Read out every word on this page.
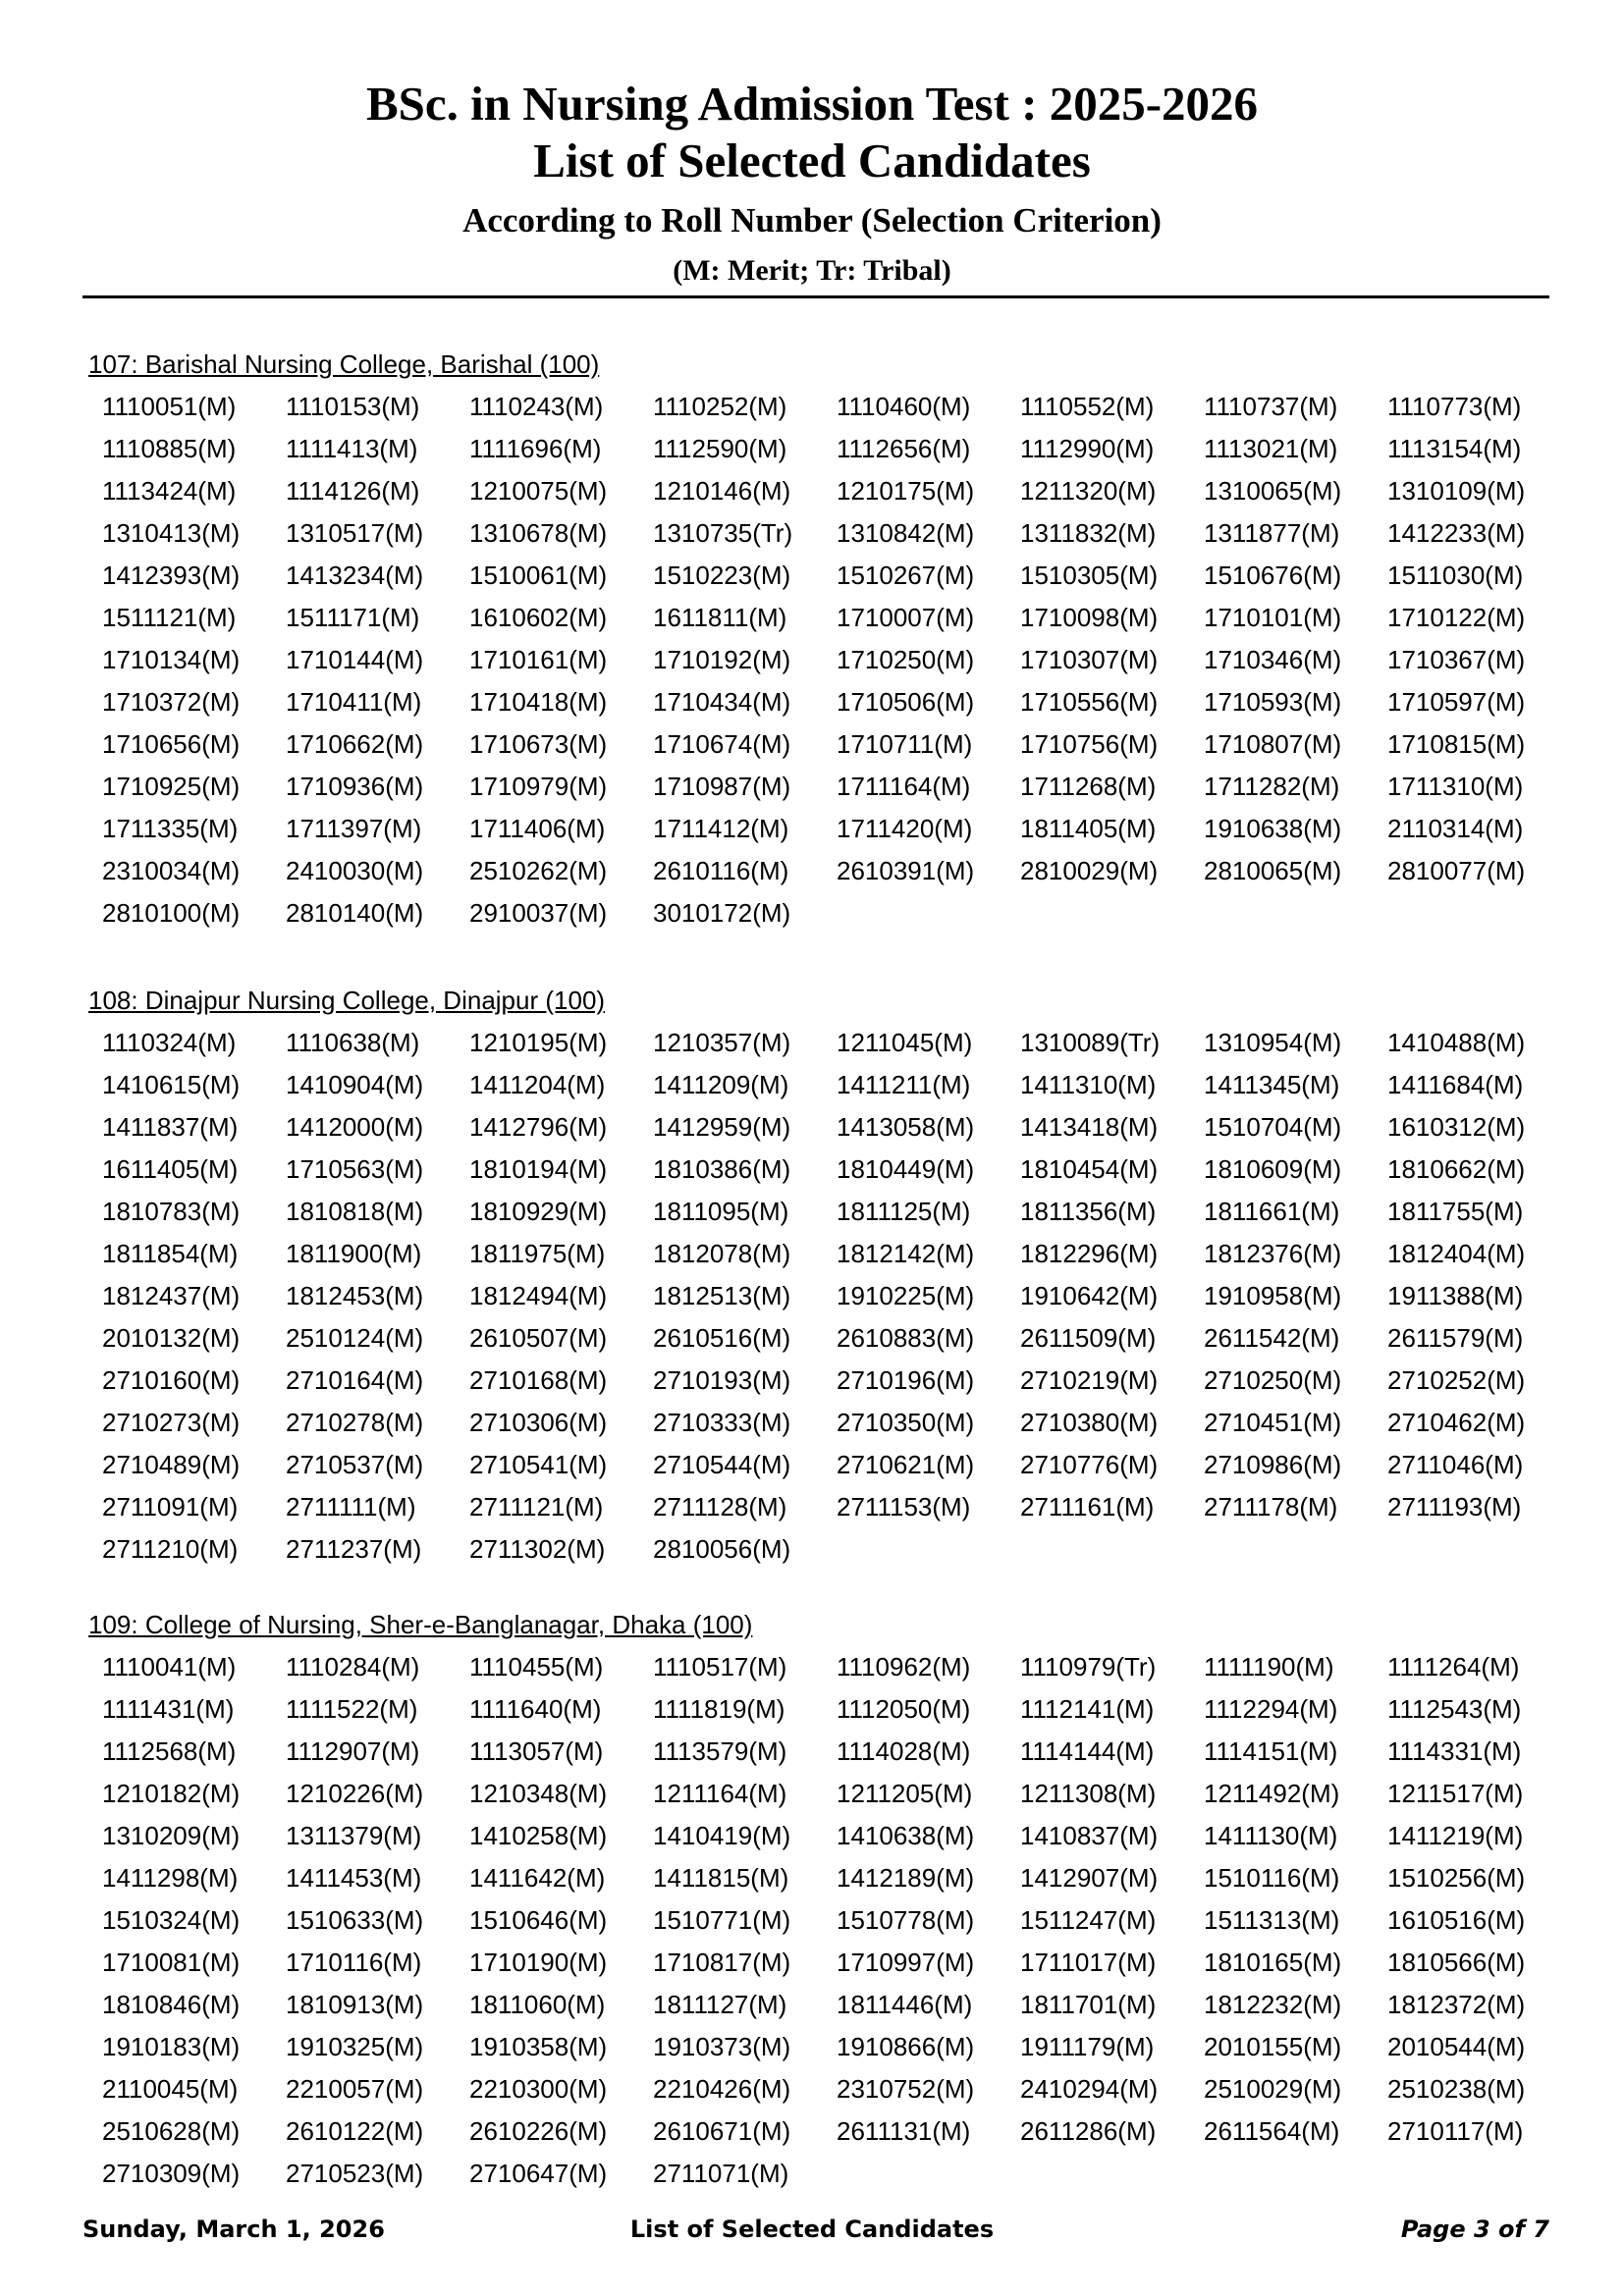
BSc. in Nursing Admission Test : 2025-2026
List of Selected Candidates
According to Roll Number (Selection Criterion)
(M: Merit; Tr: Tribal)
107: Barishal Nursing College, Barishal (100)
1110051(M)	1110153(M)	1110243(M)	1110252(M)	1110460(M)	1110552(M)	1110737(M)	1110773(M)
1110885(M)	1111413(M)	1111696(M)	1112590(M)	1112656(M)	1112990(M)	1113021(M)	1113154(M)
1113424(M)	1114126(M)	1210075(M)	1210146(M)	1210175(M)	1211320(M)	1310065(M)	1310109(M)
1310413(M)	1310517(M)	1310678(M)	1310735(Tr)	1310842(M)	1311832(M)	1311877(M)	1412233(M)
1412393(M)	1413234(M)	1510061(M)	1510223(M)	1510267(M)	1510305(M)	1510676(M)	1511030(M)
1511121(M)	1511171(M)	1610602(M)	1611811(M)	1710007(M)	1710098(M)	1710101(M)	1710122(M)
1710134(M)	1710144(M)	1710161(M)	1710192(M)	1710250(M)	1710307(M)	1710346(M)	1710367(M)
1710372(M)	1710411(M)	1710418(M)	1710434(M)	1710506(M)	1710556(M)	1710593(M)	1710597(M)
1710656(M)	1710662(M)	1710673(M)	1710674(M)	1710711(M)	1710756(M)	1710807(M)	1710815(M)
1710925(M)	1710936(M)	1710979(M)	1710987(M)	1711164(M)	1711268(M)	1711282(M)	1711310(M)
1711335(M)	1711397(M)	1711406(M)	1711412(M)	1711420(M)	1811405(M)	1910638(M)	2110314(M)
2310034(M)	2410030(M)	2510262(M)	2610116(M)	2610391(M)	2810029(M)	2810065(M)	2810077(M)
2810100(M)	2810140(M)	2910037(M)	3010172(M)
108: Dinajpur Nursing College, Dinajpur (100)
1110324(M)	1110638(M)	1210195(M)	1210357(M)	1211045(M)	1310089(Tr)	1310954(M)	1410488(M)
1410615(M)	1410904(M)	1411204(M)	1411209(M)	1411211(M)	1411310(M)	1411345(M)	1411684(M)
1411837(M)	1412000(M)	1412796(M)	1412959(M)	1413058(M)	1413418(M)	1510704(M)	1610312(M)
1611405(M)	1710563(M)	1810194(M)	1810386(M)	1810449(M)	1810454(M)	1810609(M)	1810662(M)
1810783(M)	1810818(M)	1810929(M)	1811095(M)	1811125(M)	1811356(M)	1811661(M)	1811755(M)
1811854(M)	1811900(M)	1811975(M)	1812078(M)	1812142(M)	1812296(M)	1812376(M)	1812404(M)
1812437(M)	1812453(M)	1812494(M)	1812513(M)	1910225(M)	1910642(M)	1910958(M)	1911388(M)
2010132(M)	2510124(M)	2610507(M)	2610516(M)	2610883(M)	2611509(M)	2611542(M)	2611579(M)
2710160(M)	2710164(M)	2710168(M)	2710193(M)	2710196(M)	2710219(M)	2710250(M)	2710252(M)
2710273(M)	2710278(M)	2710306(M)	2710333(M)	2710350(M)	2710380(M)	2710451(M)	2710462(M)
2710489(M)	2710537(M)	2710541(M)	2710544(M)	2710621(M)	2710776(M)	2710986(M)	2711046(M)
2711091(M)	2711111(M)	2711121(M)	2711128(M)	2711153(M)	2711161(M)	2711178(M)	2711193(M)
2711210(M)	2711237(M)	2711302(M)	2810056(M)
109: College of Nursing, Sher-e-Banglanagar, Dhaka (100)
1110041(M)	1110284(M)	1110455(M)	1110517(M)	1110962(M)	1110979(Tr)	1111190(M)	1111264(M)
1111431(M)	1111522(M)	1111640(M)	1111819(M)	1112050(M)	1112141(M)	1112294(M)	1112543(M)
1112568(M)	1112907(M)	1113057(M)	1113579(M)	1114028(M)	1114144(M)	1114151(M)	1114331(M)
1210182(M)	1210226(M)	1210348(M)	1211164(M)	1211205(M)	1211308(M)	1211492(M)	1211517(M)
1310209(M)	1311379(M)	1410258(M)	1410419(M)	1410638(M)	1410837(M)	1411130(M)	1411219(M)
1411298(M)	1411453(M)	1411642(M)	1411815(M)	1412189(M)	1412907(M)	1510116(M)	1510256(M)
1510324(M)	1510633(M)	1510646(M)	1510771(M)	1510778(M)	1511247(M)	1511313(M)	1610516(M)
1710081(M)	1710116(M)	1710190(M)	1710817(M)	1710997(M)	1711017(M)	1810165(M)	1810566(M)
1810846(M)	1810913(M)	1811060(M)	1811127(M)	1811446(M)	1811701(M)	1812232(M)	1812372(M)
1910183(M)	1910325(M)	1910358(M)	1910373(M)	1910866(M)	1911179(M)	2010155(M)	2010544(M)
2110045(M)	2210057(M)	2210300(M)	2210426(M)	2310752(M)	2410294(M)	2510029(M)	2510238(M)
2510628(M)	2610122(M)	2610226(M)	2610671(M)	2611131(M)	2611286(M)	2611564(M)	2710117(M)
2710309(M)	2710523(M)	2710647(M)	2711071(M)
Sunday, March 1, 2026	List of Selected Candidates	Page 3 of 7
